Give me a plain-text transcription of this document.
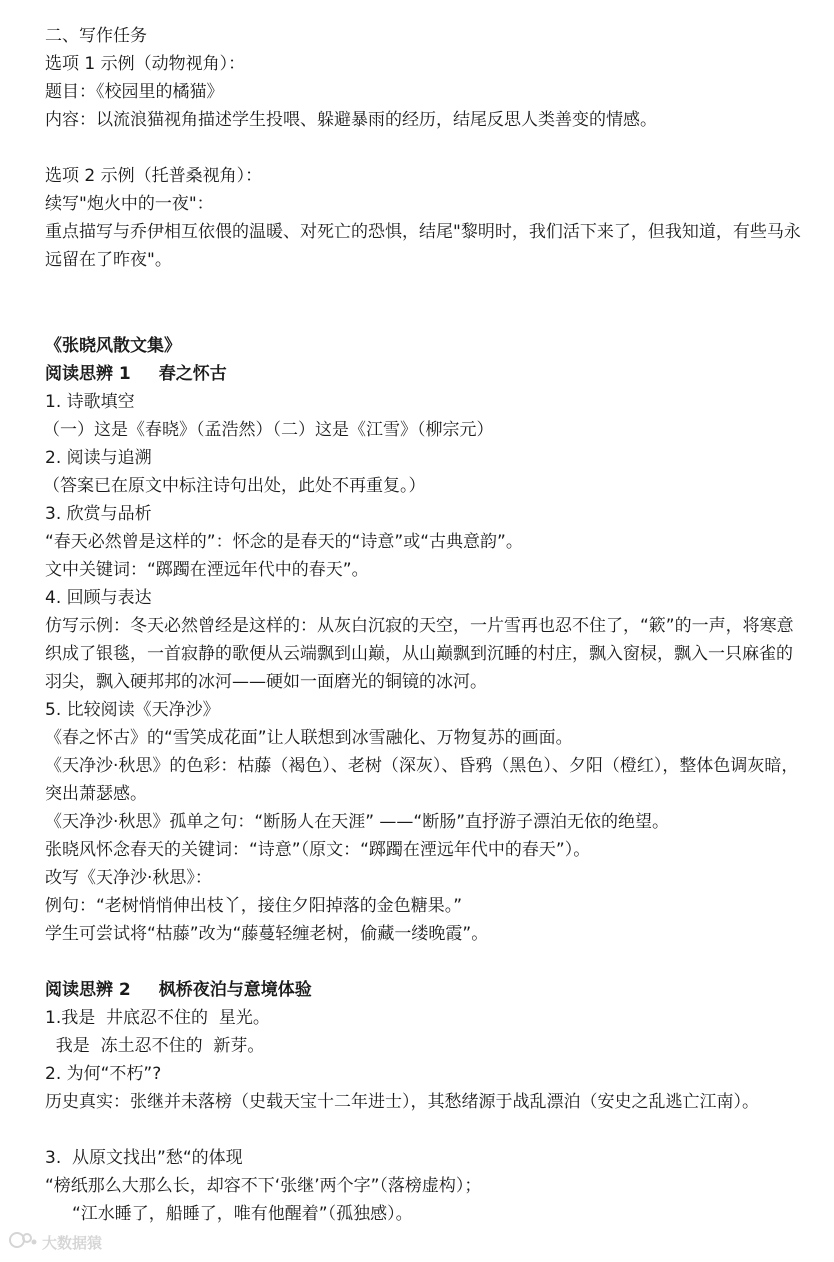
二、写作任务
选项 1 示例（动物视角）：
题目：《校园里的橘猫》
内容：以流浪猫视角描述学生投喂、躲避暴雨的经历，结尾反思人类善变的情感。
选项 2 示例（托普桑视角）：
续写"炮火中的一夜"：
重点描写与乔伊相互依偎的温暖、对死亡的恐惧，结尾"黎明时，我们活下来了，但我知道，有些马永远留在了昨夜"。
《张晓风散文集》
阅读思辨 1 春之怀古
1. 诗歌填空
（一）这是《春晓》（孟浩然）（二）这是《江雪》（柳宗元）
2. 阅读与追溯
（答案已在原文中标注诗句出处，此处不再重复。）
3. 欣赏与品析
“春天必然曾是这样的”：怀念的是春天的“诗意”或“古典意韵”。
文中关键词：“踯躅在湮远年代中的春天”。
4. 回顾与表达
仿写示例：冬天必然曾经是这样的：从灰白沉寂的天空，一片雪再也忍不住了，“簌”的一声，将寒意织成了银毯，一首寂静的歌便从云端飘到山巅，从山巅飘到沉睡的村庄，飘入窗棂，飘入一只麻雀的羽尖，飘入硬邦邦的冰河——硬如一面磨光的铜镜的冰河。
5. 比较阅读《天净沙》
《春之怀古》的“雪笑成花面”让人联想到冰雪融化、万物复苏的画面。
《天净沙·秋思》的色彩：枯藤（褐色）、老树（深灰）、昏鸦（黑色）、夕阳（橙红），整体色调灰暗，突出萧瑟感。
《天净沙·秋思》孤单之句：“断肠人在天涯” ——“断肠”直抒游子漂泊无依的绝望。
张晓风怀念春天的关键词：“诗意”（原文：“踯躅在湮远年代中的春天”）。
改写《天净沙·秋思》：
例句：“老树悄悄伸出枝丫，接住夕阳掉落的金色糖果。”
学生可尝试将“枯藤”改为“藤蔓轻缠老树，偷藏一缕晚霞”。
阅读思辨 2 枫桥夜泊与意境体验
1.我是  井底忍不住的  星光。
我是  冻土忍不住的  新芽。
2. 为何“不朽”?
历史真实：张继并未落榜（史载天宝十二年进士），其愁绪源于战乱漂泊（安史之乱逃亡江南）。
3.  从原文找出”愁“的体现
“榜纸那么大那么长，却容不下‘张继’两个字”（落榜虚构）；
“江水睡了，船睡了，唯有他醒着”（孤独感）。
大数据猿
